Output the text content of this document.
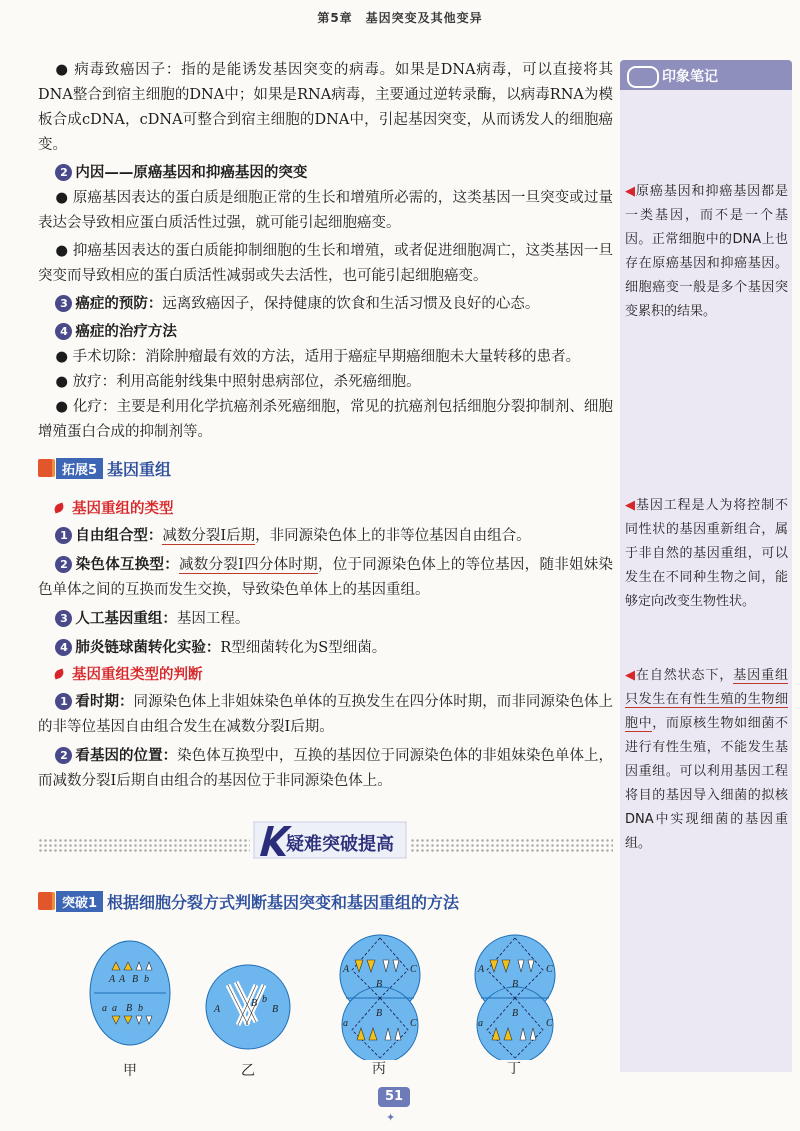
第5章　基因突变及其他变异
印象笔记
◀原癌基因和抑癌基因都是一类基因，而不是一个基因。正常细胞中的DNA上也存在原癌基因和抑癌基因。细胞癌变一般是多个基因突变累积的结果。
◀基因工程是人为将控制不同性状的基因重新组合，属于非自然的基因重组，可以发生在不同种生物之间，能够定向改变生物性状。
◀在自然状态下，基因重组只发生在有性生殖的生物细胞中，而原核生物如细菌不进行有性生殖，不能发生基因重组。可以利用基因工程将目的基因导入细菌的拟核DNA中实现细菌的基因重组。

● 病毒致癌因子：指的是能诱发基因突变的病毒。如果是DNA病毒，可以直接将其DNA整合到宿主细胞的DNA中；如果是RNA病毒，主要通过逆转录酶，以病毒RNA为模板合成cDNA，cDNA可整合到宿主细胞的DNA中，引起基因突变，从而诱发人的细胞癌变。

2 内因——原癌基因和抑癌基因的突变

● 原癌基因表达的蛋白质是细胞正常的生长和增殖所必需的，这类基因一旦突变或过量表达会导致相应蛋白质活性过强，就可能引起细胞癌变。

● 抑癌基因表达的蛋白质能抑制细胞的生长和增殖，或者促进细胞凋亡，这类基因一旦突变而导致相应的蛋白质活性减弱或失去活性，也可能引起细胞癌变。

3 癌症的预防：远离致癌因子，保持健康的饮食和生活习惯及良好的心态。

4 癌症的治疗方法

● 手术切除：消除肿瘤最有效的方法，适用于癌症早期癌细胞未大量转移的患者。

● 放疗：利用高能射线集中照射患病部位，杀死癌细胞。

● 化疗：主要是利用化学抗癌剂杀死癌细胞，常见的抗癌剂包括细胞分裂抑制剂、细胞增殖蛋白合成的抑制剂等。

拓展5 基因重组
基因重组的类型

1 自由组合型：减数分裂Ⅰ后期，非同源染色体上的非等位基因自由组合。

2 染色体互换型：减数分裂Ⅰ四分体时期，位于同源染色体上的等位基因，随非姐妹染色单体之间的互换而发生交换，导致染色单体上的基因重组。

3 人工基因重组：基因工程。

4 肺炎链球菌转化实验：R型细菌转化为S型细菌。

基因重组类型的判断

1 看时期：同源染色体上非姐妹染色单体的互换发生在四分体时期，而非同源染色体上的非等位基因自由组合发生在减数分裂Ⅰ后期。

2 看基因的位置：染色体互换型中，互换的基因位于同源染色体的非姐妹染色单体上，而减数分裂Ⅰ后期自由组合的基因位于非同源染色体上。

疑难突破提高
突破1 根据细胞分裂方式判断基因突变和基因重组的方法
A A B b
a a B b	A
B b
B
A
B
C
a
B
C
A
B
C
a
B
C
甲	乙	丙	丁
51
✦
